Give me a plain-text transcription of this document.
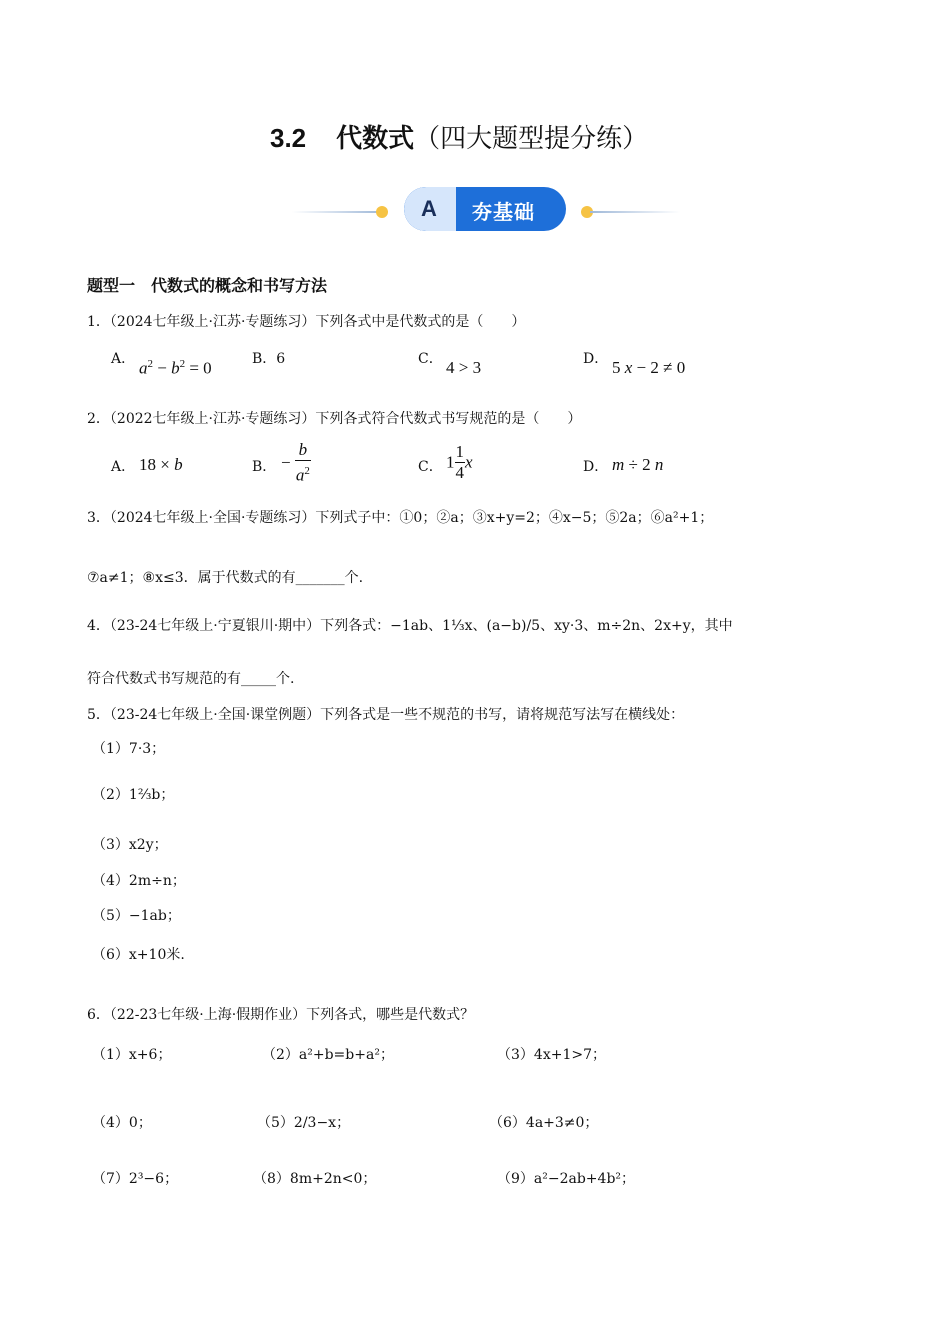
3.2 代数式（四大题型提分练）
A 夯基础
题型一　代数式的概念和书写方法
1．（2024七年级上·江苏·专题练习）下列各式中是代数式的是（　　）
A． $a^2 - b^2 = 0$	B．6	C． 4 > 3	D． 5 x − 2 ≠ 0
2．（2022七年级上·江苏·专题练习）下列各式符合代数式书写规范的是（　　）
A． 18 × b	B． − $\frac{b}{a^2}$	C． $1 \frac{1}{4}$ x	D． m ÷ 2 n
3．（2024七年级上·全国·专题练习）下列式子中：①0；②a；③x+y=2；④x−5；⑤2a；⑥a²+1；
⑦a≠1；⑧x≤3．属于代数式的有_______个.
4．（23-24七年级上·宁夏银川·期中）下列各式：−1ab、1⅓x、(a−b)/5、xy·3、m÷2n、2x+y，其中
符合代数式书写规范的有_____个.
5．（23-24七年级上·全国·课堂例题）下列各式是一些不规范的书写，请将规范写法写在横线处：
（1）7·3；
（2）1⅔b；
（3）x2y；
（4）2m÷n；
（5）−1ab；
（6）x+10米.
6．（22-23七年级·上海·假期作业）下列各式，哪些是代数式？
（1）x+6；	（2）a²+b=b+a²；	（3）4x+1>7；
（4）0；	（5）2/3−x；	（6）4a+3≠0；
（7）2³−6；	（8）8m+2n<0；	（9）a²−2ab+4b²；
